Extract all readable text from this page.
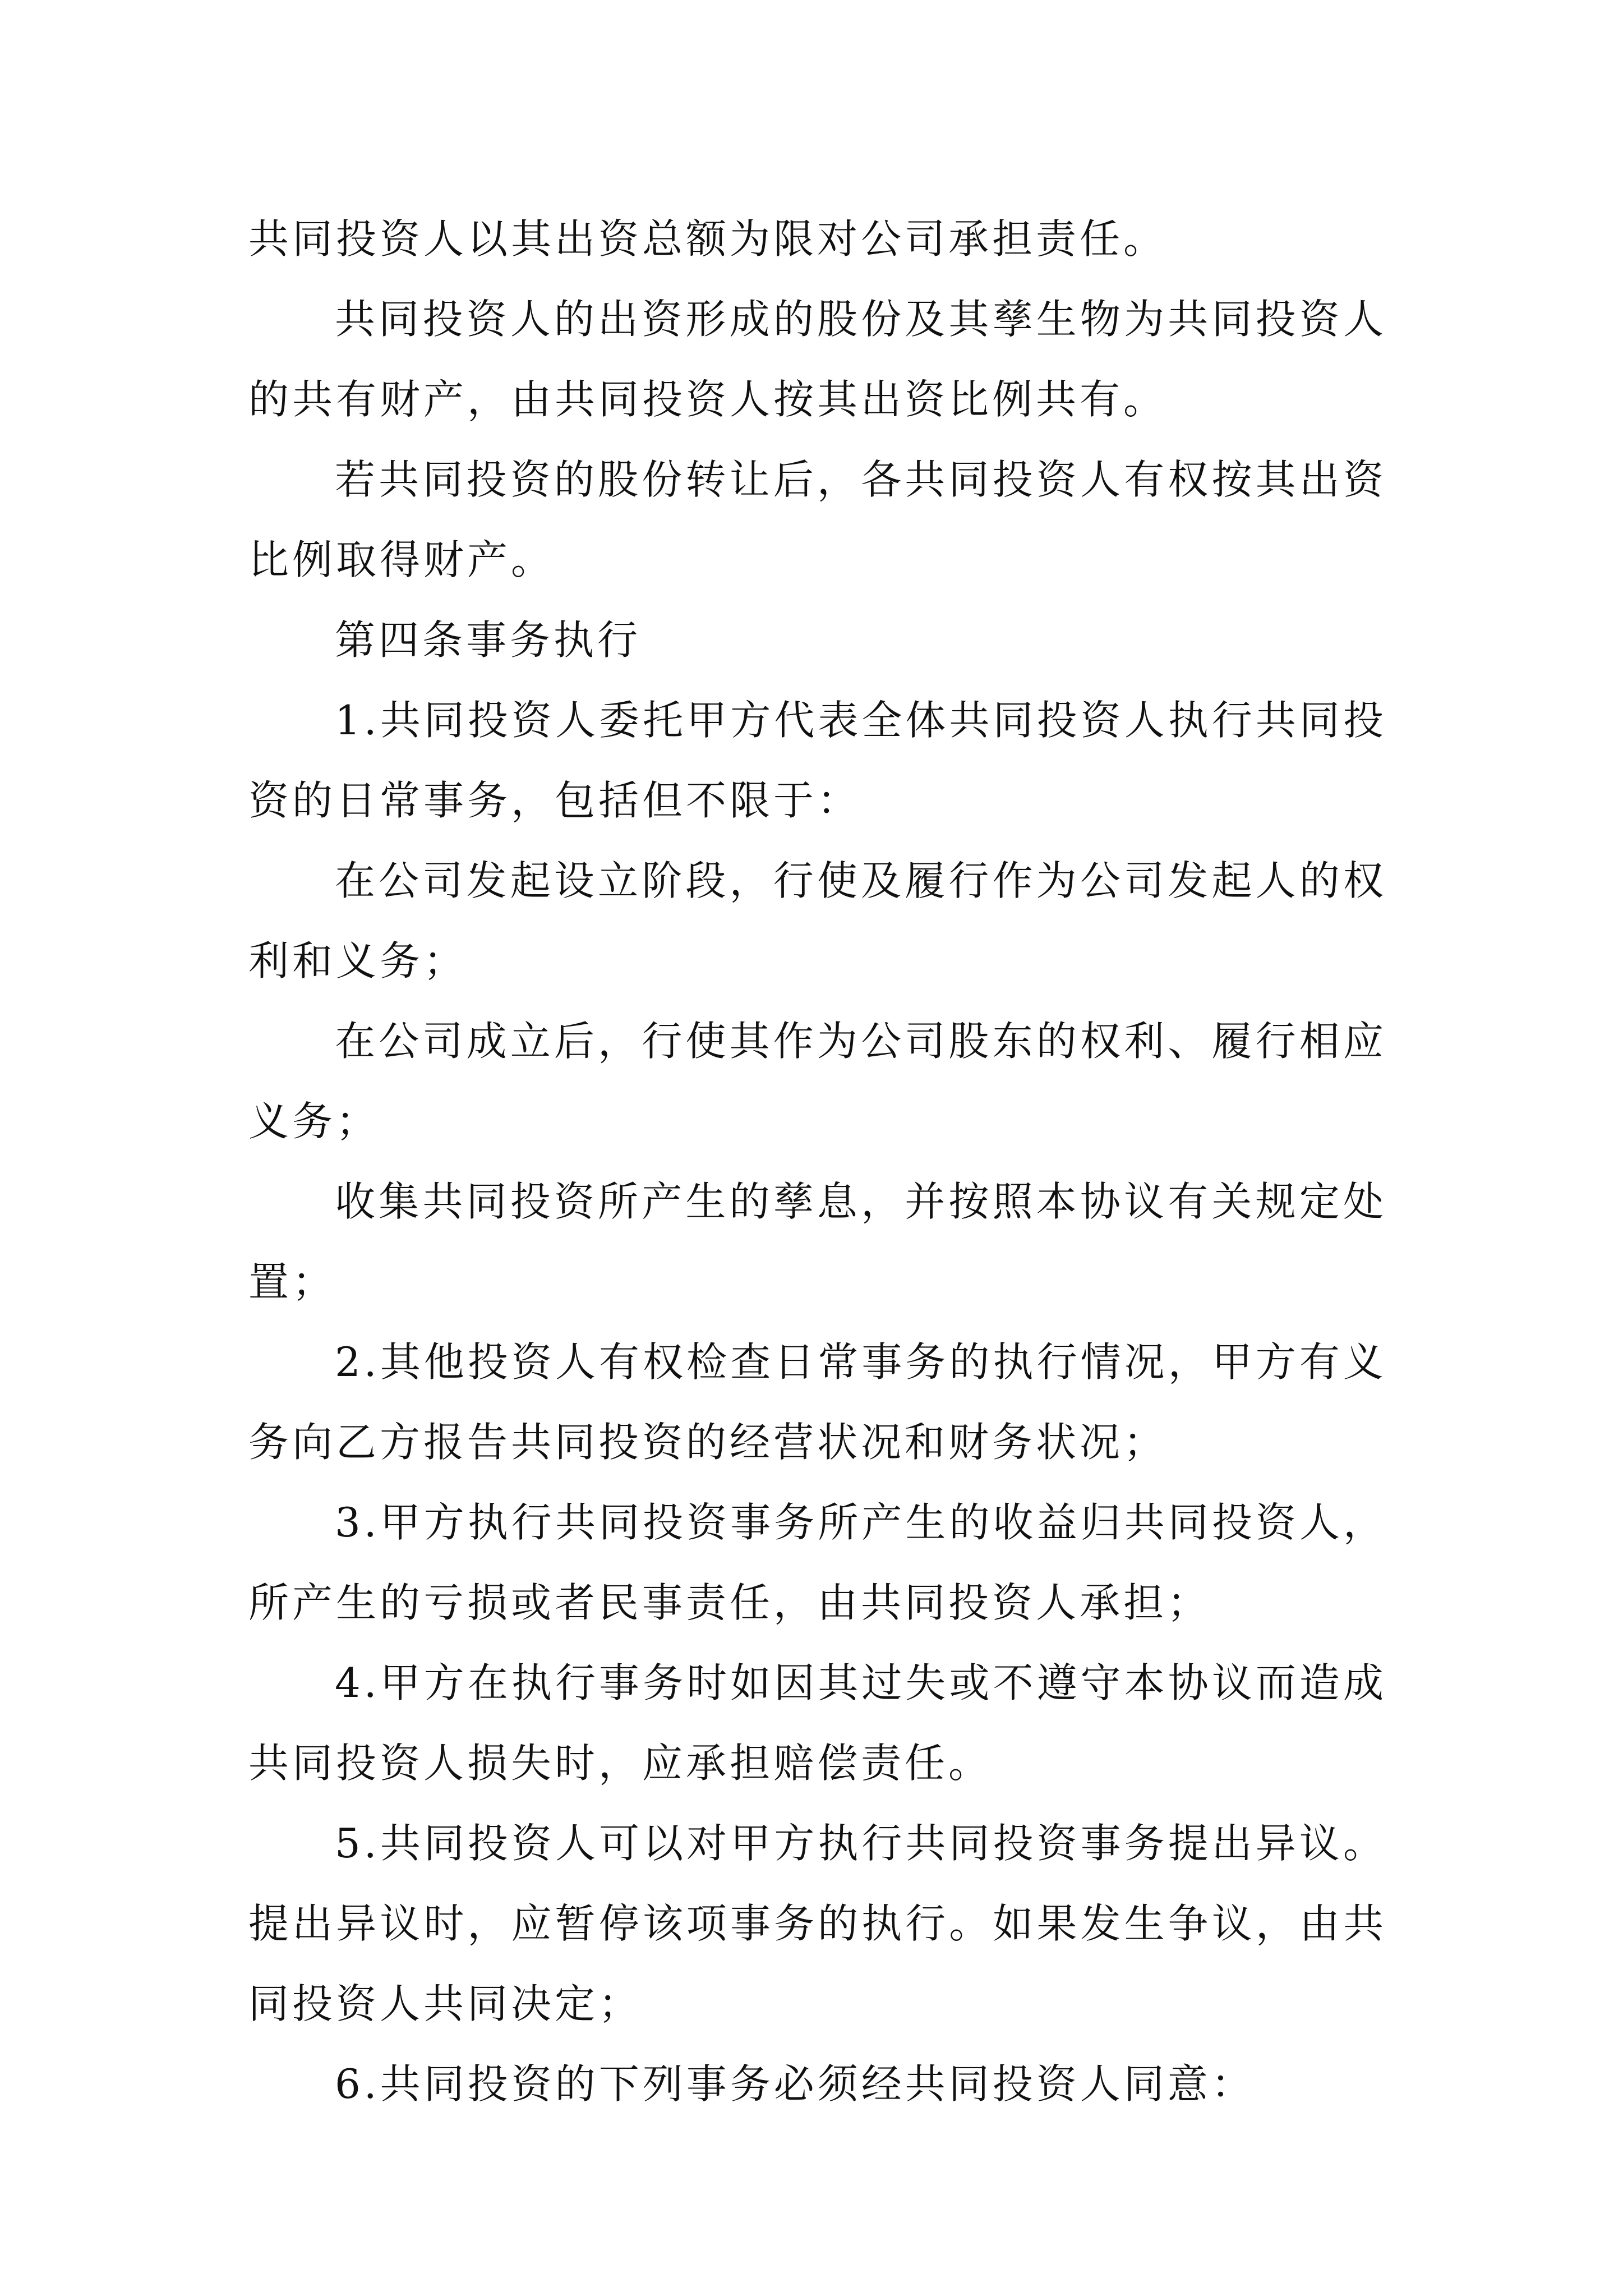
共同投资人以其出资总额为限对公司承担责任。

共同投资人的出资形成的股份及其孳生物为共同投资人的共有财产，由共同投资人按其出资比例共有。

若共同投资的股份转让后，各共同投资人有权按其出资比例取得财产。

第四条事务执行

1.共同投资人委托甲方代表全体共同投资人执行共同投资的日常事务，包括但不限于：

在公司发起设立阶段，行使及履行作为公司发起人的权利和义务；

在公司成立后，行使其作为公司股东的权利、履行相应义务；

收集共同投资所产生的孳息，并按照本协议有关规定处置；

2.其他投资人有权检查日常事务的执行情况，甲方有义务向乙方报告共同投资的经营状况和财务状况；

3.甲方执行共同投资事务所产生的收益归共同投资人，所产生的亏损或者民事责任，由共同投资人承担；

4.甲方在执行事务时如因其过失或不遵守本协议而造成共同投资人损失时，应承担赔偿责任。

5.共同投资人可以对甲方执行共同投资事务提出异议。提出异议时，应暂停该项事务的执行。如果发生争议，由共同投资人共同决定；

6.共同投资的下列事务必须经共同投资人同意：
